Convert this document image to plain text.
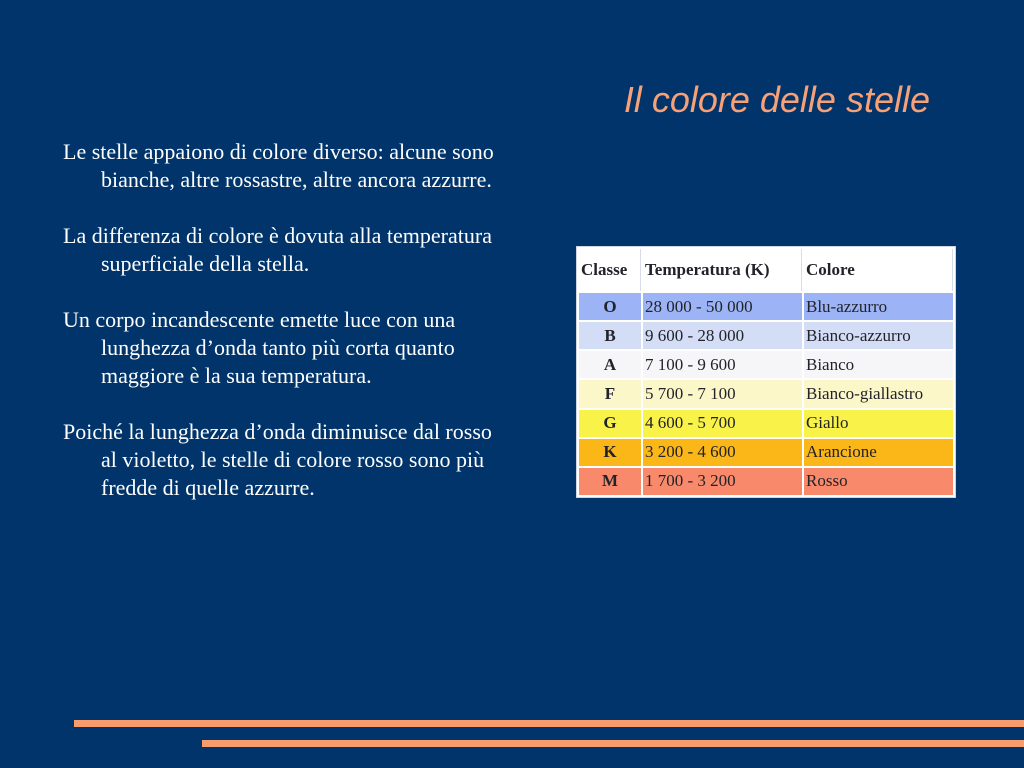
Il colore delle stelle

Le stelle appaiono di colore diverso: alcune sono bianche, altre rossastre, altre ancora azzurre.

La differenza di colore è dovuta alla temperatura superficiale della stella.

Un corpo incandescente emette luce con una lunghezza d’onda tanto più corta quanto maggiore è la sua temperatura.

Poiché la lunghezza d’onda diminuisce dal rosso al violetto, le stelle di colore rosso sono più fredde di quelle azzurre.

Classe	Temperatura (K)	Colore
O	28 000 - 50 000	Blu-azzurro
B	9 600 - 28 000	Bianco-azzurro
A	7 100 - 9 600	Bianco
F	5 700 - 7 100	Bianco-giallastro
G	4 600 - 5 700	Giallo
K	3 200 - 4 600	Arancione
M	1 700 - 3 200	Rosso
